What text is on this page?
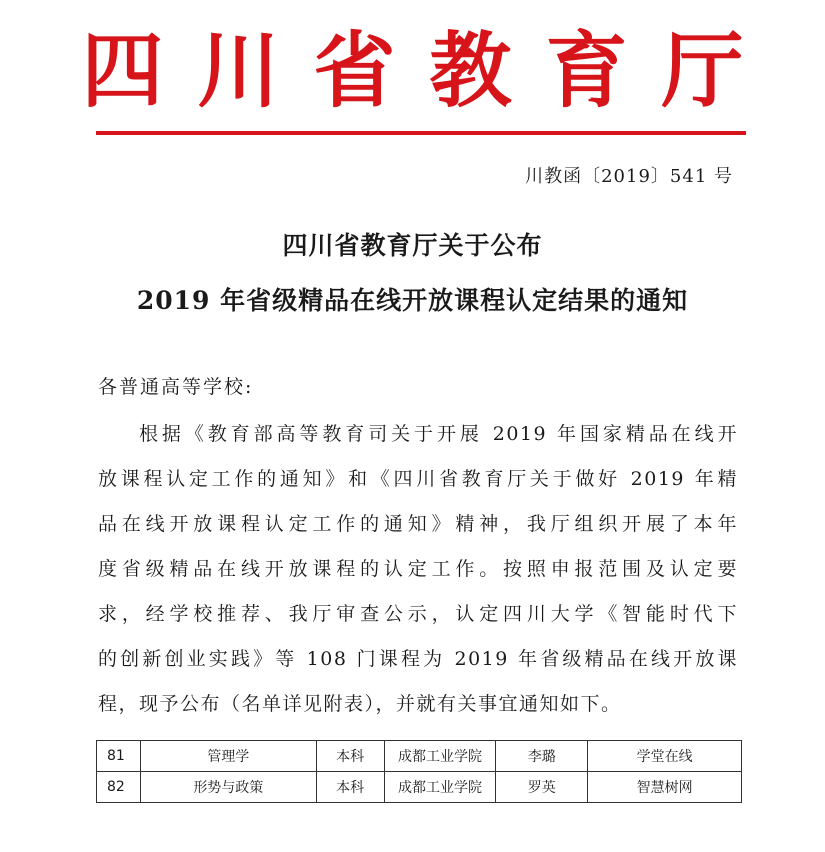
四川省教育厅
川教函〔2019〕541 号
四川省教育厅关于公布
2019 年省级精品在线开放课程认定结果的通知
各普通高等学校:
根据《教育部高等教育司关于开展 2019 年国家精品在线开
放课程认定工作的通知》和《四川省教育厅关于做好 2019 年精
品在线开放课程认定工作的通知》精神，我厅组织开展了本年
度省级精品在线开放课程的认定工作。按照申报范围及认定要
求，经学校推荐、我厅审查公示，认定四川大学《智能时代下
的创新创业实践》等 108 门课程为 2019 年省级精品在线开放课
程，现予公布（名单详见附表），并就有关事宜通知如下。
81	管理学	本科	成都工业学院	李璐	学堂在线
82	形势与政策	本科	成都工业学院	罗英	智慧树网
